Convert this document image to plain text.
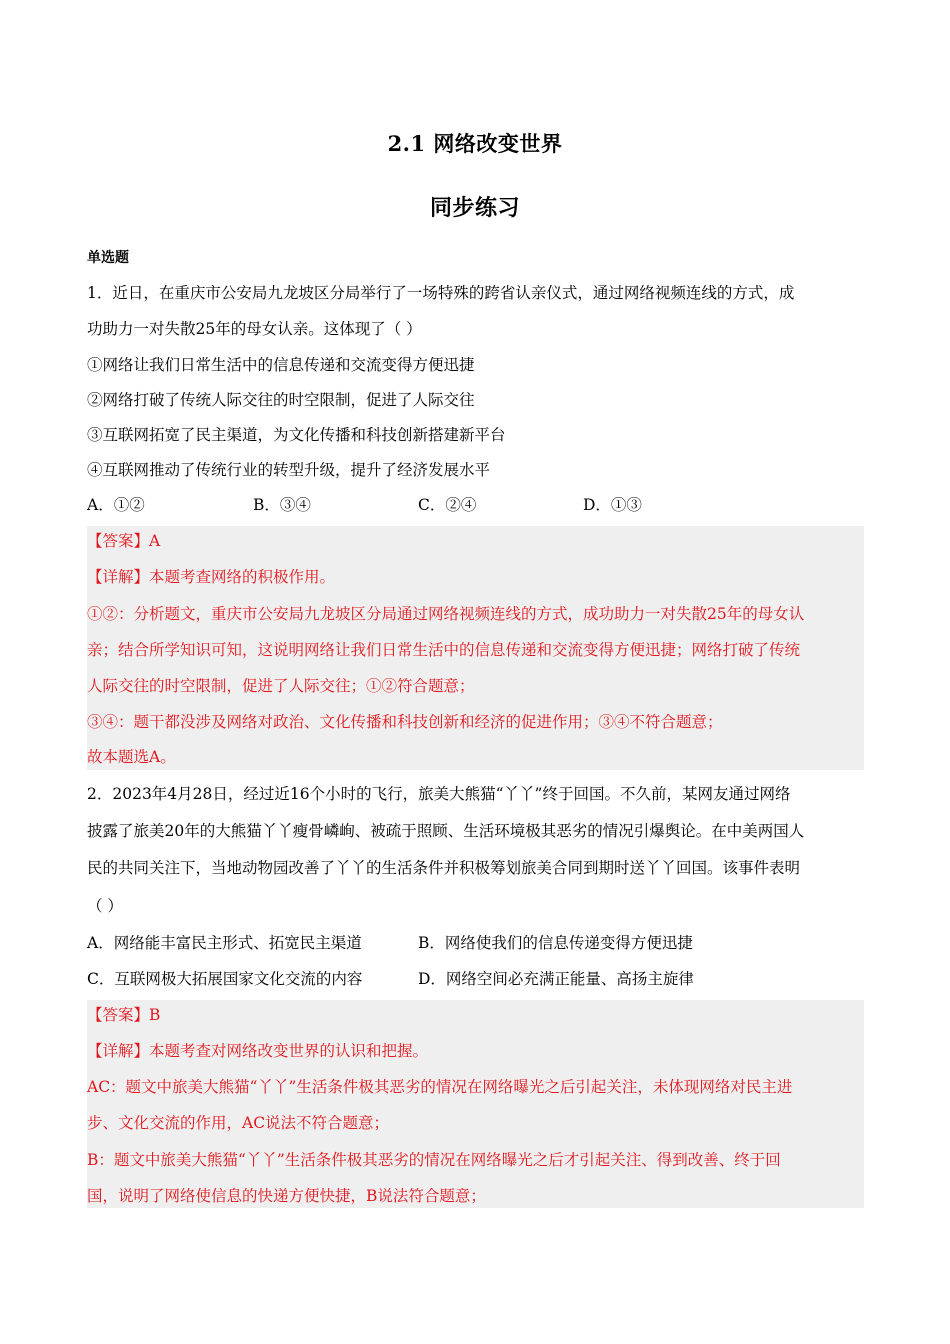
2.1 网络改变世界
同步练习
单选题
1．近日，在重庆市公安局九龙坡区分局举行了一场特殊的跨省认亲仪式，通过网络视频连线的方式，成
功助力一对失散25年的母女认亲。这体现了（ ）
①网络让我们日常生活中的信息传递和交流变得方便迅捷
②网络打破了传统人际交往的时空限制，促进了人际交往
③互联网拓宽了民主渠道，为文化传播和科技创新搭建新平台
④互联网推动了传统行业的转型升级，提升了经济发展水平
A．①②	B．③④	C．②④	D．①③
【答案】A
【详解】本题考查网络的积极作用。
①②：分析题文，重庆市公安局九龙坡区分局通过网络视频连线的方式，成功助力一对失散25年的母女认
亲；结合所学知识可知，这说明网络让我们日常生活中的信息传递和交流变得方便迅捷；网络打破了传统
人际交往的时空限制，促进了人际交往；①②符合题意；
③④：题干都没涉及网络对政治、文化传播和科技创新和经济的促进作用；③④不符合题意；
故本题选A。
2．2023年4月28日，经过近16个小时的飞行，旅美大熊猫“丫丫”终于回国。不久前，某网友通过网络
披露了旅美20年的大熊猫丫丫瘦骨嶙峋、被疏于照顾、生活环境极其恶劣的情况引爆舆论。在中美两国人
民的共同关注下，当地动物园改善了丫丫的生活条件并积极筹划旅美合同到期时送丫丫回国。该事件表明
（ ）
A．网络能丰富民主形式、拓宽民主渠道	B．网络使我们的信息传递变得方便迅捷
C．互联网极大拓展国家文化交流的内容	D．网络空间必充满正能量、高扬主旋律
【答案】B
【详解】本题考查对网络改变世界的认识和把握。
AC：题文中旅美大熊猫“丫丫”生活条件极其恶劣的情况在网络曝光之后引起关注，未体现网络对民主进
步、文化交流的作用，AC说法不符合题意；
B：题文中旅美大熊猫“丫丫”生活条件极其恶劣的情况在网络曝光之后才引起关注、得到改善、终于回
国，说明了网络使信息的快递方便快捷，B说法符合题意；
